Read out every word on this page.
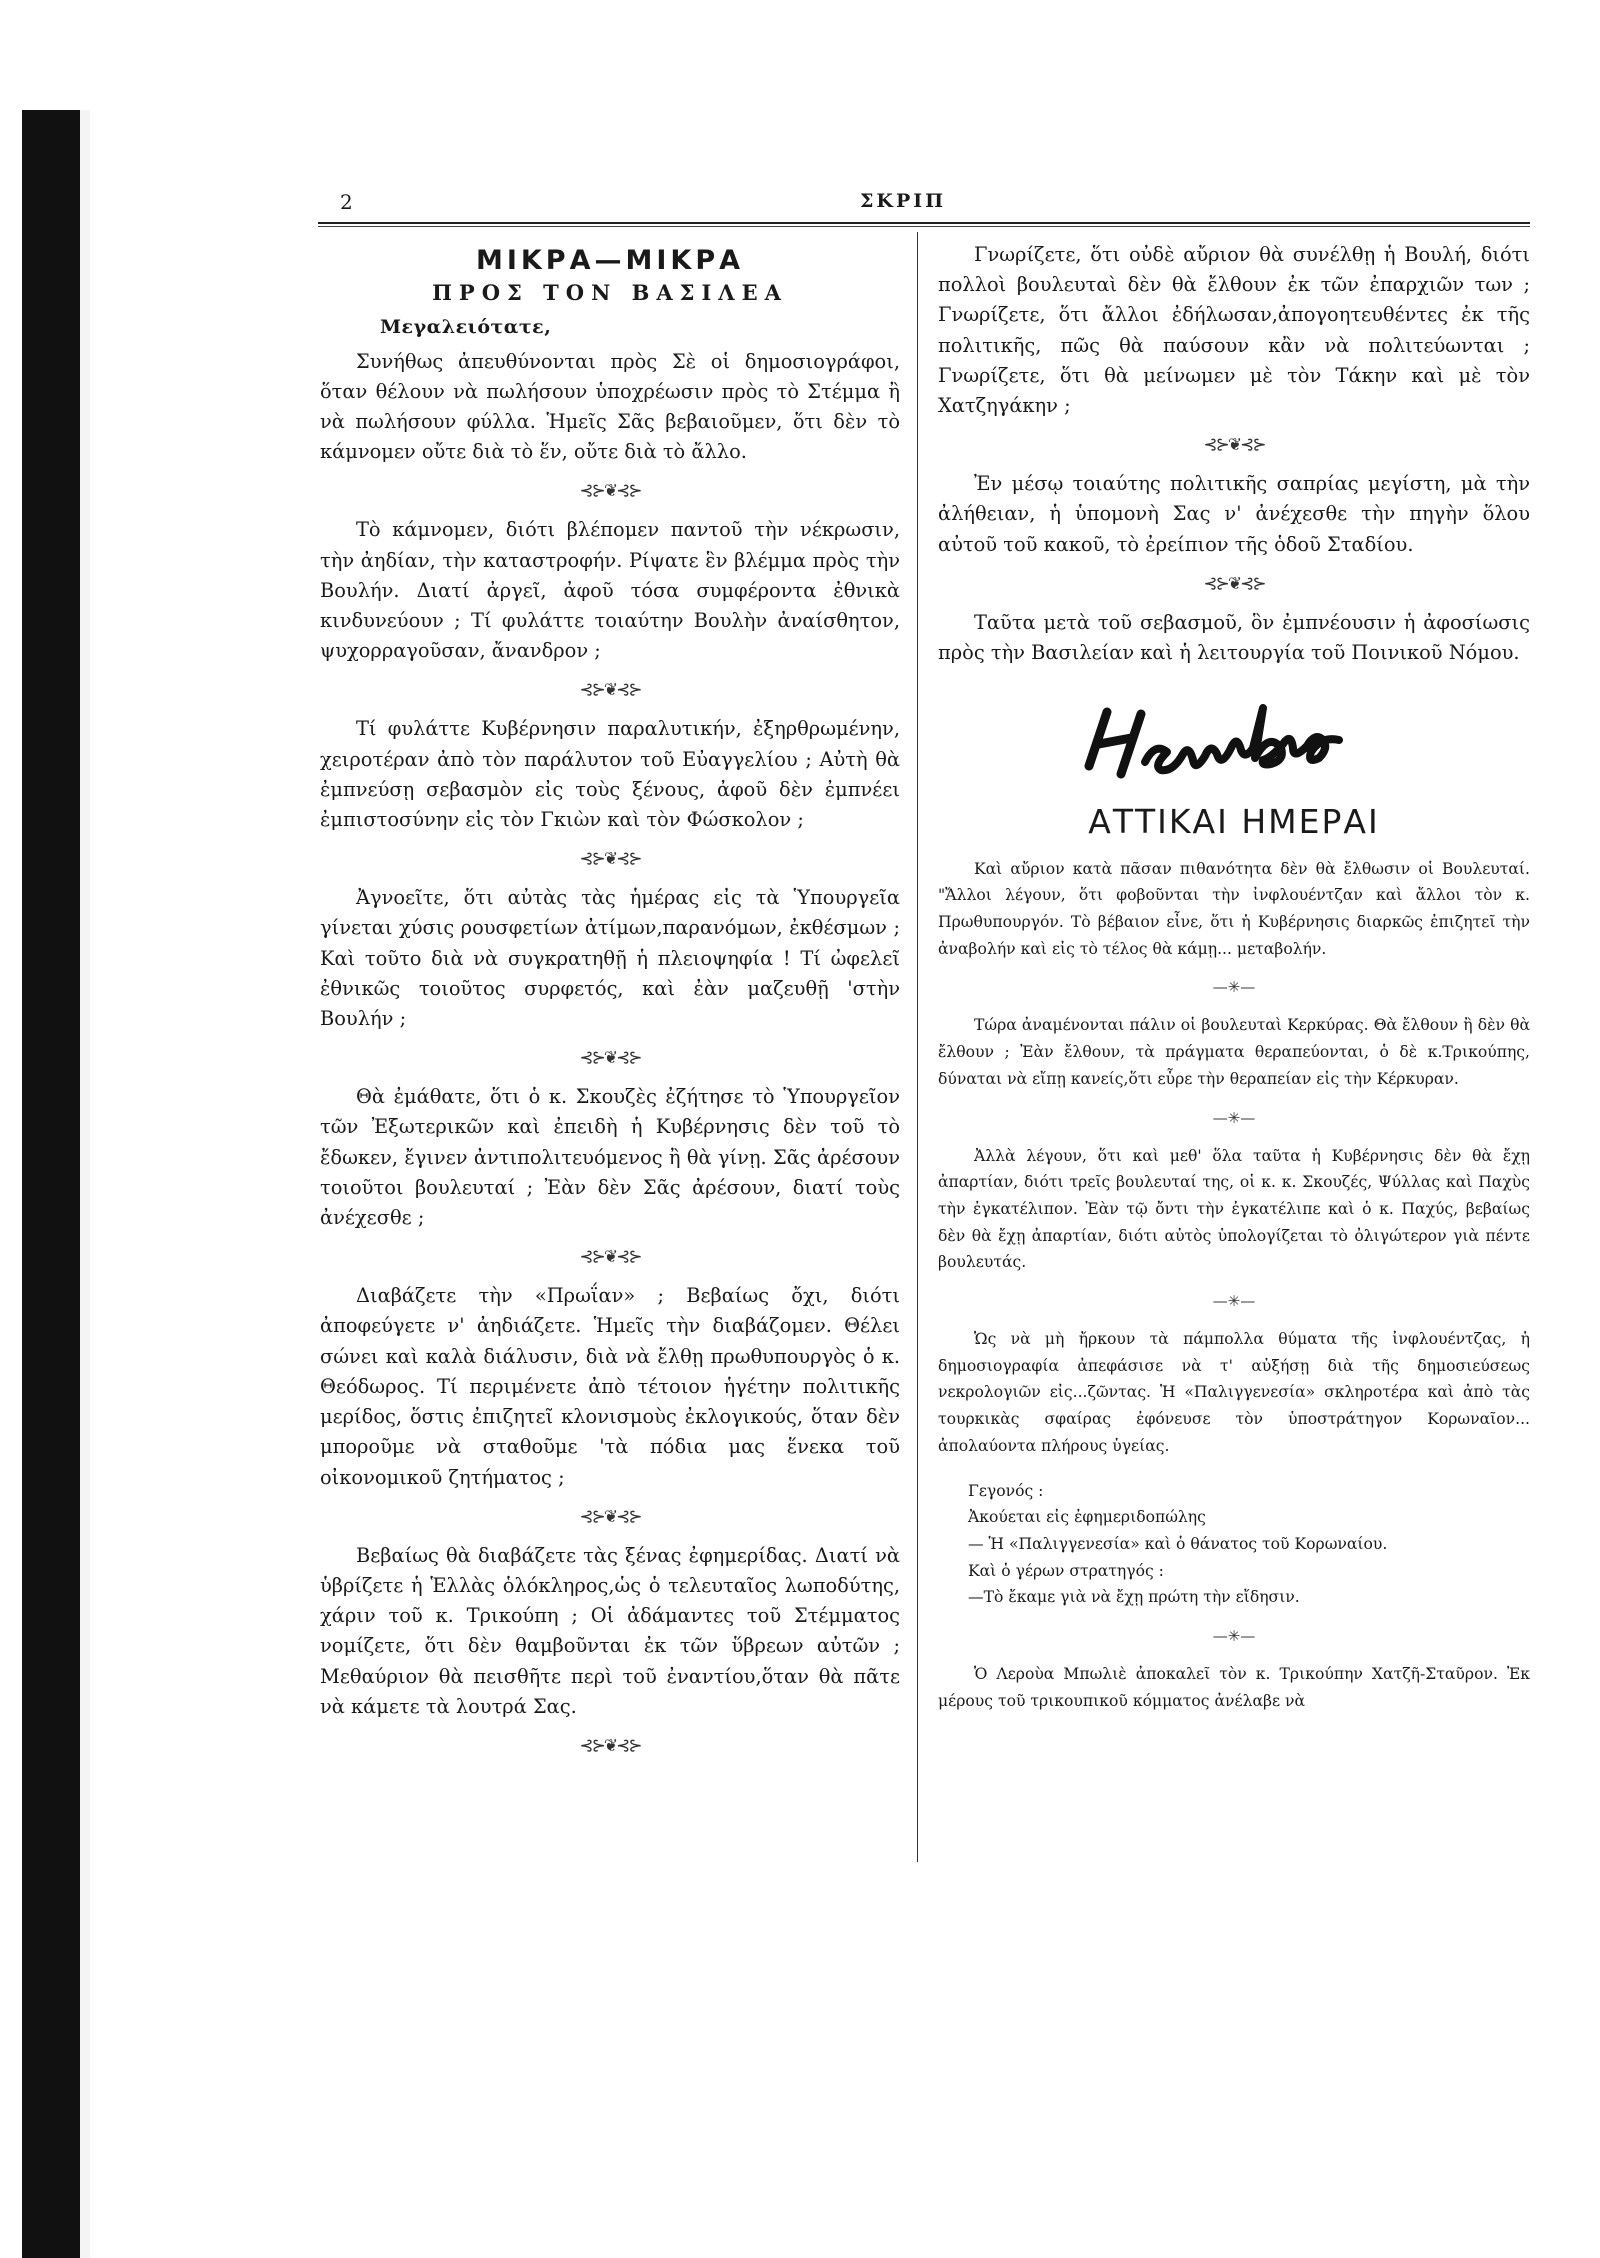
2	ΣΚΡΙΠ
ΜΙΚΡΑ—ΜΙΚΡΑ
ΠΡΟΣ ΤΟΝ ΒΑΣΙΛΕΑ
Μεγαλειότατε,

Συνήθως ἀπευθύνονται πρὸς Σὲ οἱ δημοσιογράφοι, ὅταν θέλουν νὰ πωλήσουν ὑποχρέωσιν πρὸς τὸ Στέμμα ἢ νὰ πωλήσουν φύλλα. Ἡμεῖς Σᾶς βεβαιοῦμεν, ὅτι δὲν τὸ κάμνομεν οὔτε διὰ τὸ ἕν, οὔτε διὰ τὸ ἄλλο.

⊰⊱❦⊰⊱

Τὸ κάμνομεν, διότι βλέπομεν παντοῦ τὴν νέκρωσιν, τὴν ἀηδίαν, τὴν καταστροφήν. Ρίψατε ἓν βλέμμα πρὸς τὴν Βουλήν. Διατί ἀργεῖ, ἀφοῦ τόσα συμφέροντα ἐθνικὰ κινδυνεύουν ; Τί φυλάττε τοιαύτην Βουλὴν ἀναίσθητον, ψυχορραγοῦσαν, ἄνανδρον ;

⊰⊱❦⊰⊱

Τί φυλάττε Κυβέρνησιν παραλυτικήν, ἐξηρθρωμένην, χειροτέραν ἀπὸ τὸν παράλυτον τοῦ Εὐαγγελίου ; Αὐτὴ θὰ ἐμπνεύσῃ σεβασμὸν εἰς τοὺς ξένους, ἀφοῦ δὲν ἐμπνέει ἐμπιστοσύνην εἰς τὸν Γκιὼν καὶ τὸν Φώσκολον ;

⊰⊱❦⊰⊱

Ἀγνοεῖτε, ὅτι αὐτὰς τὰς ἡμέρας εἰς τὰ Ὑπουργεῖα γίνεται χύσις ρουσφετίων ἀτίμων,παρανόμων, ἐκθέσμων ; Καὶ τοῦτο διὰ νὰ συγκρατηθῇ ἡ πλειοψηφία ! Τί ὠφελεῖ ἐθνικῶς τοιοῦτος συρφετός, καὶ ἐὰν μαζευθῇ 'στὴν Βουλήν ;

⊰⊱❦⊰⊱

Θὰ ἐμάθατε, ὅτι ὁ κ. Σκουζὲς ἐζήτησε τὸ Ὑπουργεῖον τῶν Ἐξωτερικῶν καὶ ἐπειδὴ ἡ Κυβέρνησις δὲν τοῦ τὸ ἔδωκεν, ἔγινεν ἀντιπολιτευόμενος ἢ θὰ γίνῃ. Σᾶς ἀρέσουν τοιοῦτοι βουλευταί ; Ἐὰν δὲν Σᾶς ἀρέσουν, διατί τοὺς ἀνέχεσθε ;

⊰⊱❦⊰⊱

Διαβάζετε τὴν «Πρωΐαν» ; Βεβαίως ὄχι, διότι ἀποφεύγετε ν' ἀηδιάζετε. Ἡμεῖς τὴν διαβάζομεν. Θέλει σώνει καὶ καλὰ διάλυσιν, διὰ νὰ ἔλθῃ πρωθυπουργὸς ὁ κ. Θεόδωρος. Τί περιμένετε ἀπὸ τέτοιον ἡγέτην πολιτικῆς μερίδος, ὅστις ἐπιζητεῖ κλονισμοὺς ἐκλογικούς, ὅταν δὲν μποροῦμε νὰ σταθοῦμε 'τὰ πόδια μας ἕνεκα τοῦ οἰκονομικοῦ ζητήματος ;

⊰⊱❦⊰⊱

Βεβαίως θὰ διαβάζετε τὰς ξένας ἐφημερίδας. Διατί νὰ ὑβρίζετε ἡ Ἑλλὰς ὁλόκληρος,ὡς ὁ τελευταῖος λωποδύτης, χάριν τοῦ κ. Τρικούπη ; Οἱ ἀδάμαντες τοῦ Στέμματος νομίζετε, ὅτι δὲν θαμβοῦνται ἐκ τῶν ὕβρεων αὐτῶν ; Μεθαύριον θὰ πεισθῆτε περὶ τοῦ ἐναντίου,ὅταν θὰ πᾶτε νὰ κάμετε τὰ λουτρά Σας.

⊰⊱❦⊰⊱

Γνωρίζετε, ὅτι οὐδὲ αὔριον θὰ συνέλθῃ ἡ Βουλή, διότι πολλοὶ βουλευταὶ δὲν θὰ ἔλθουν ἐκ τῶν ἐπαρχιῶν των ; Γνωρίζετε, ὅτι ἄλλοι ἐδήλωσαν,ἀπογοητευθέντες ἐκ τῆς πολιτικῆς, πῶς θὰ παύσουν κἂν νὰ πολιτεύωνται ; Γνωρίζετε, ὅτι θὰ μείνωμεν μὲ τὸν Τάκην καὶ μὲ τὸν Χατζηγάκην ;

⊰⊱❦⊰⊱

Ἐν μέσῳ τοιαύτης πολιτικῆς σαπρίας μεγίστη, μὰ τὴν ἀλήθειαν, ἡ ὑπομονὴ Σας ν' ἀνέχεσθε τὴν πηγὴν ὅλου αὐτοῦ τοῦ κακοῦ, τὸ ἐρείπιον τῆς ὁδοῦ Σταδίου.

⊰⊱❦⊰⊱

Ταῦτα μετὰ τοῦ σεβασμοῦ, ὃν ἐμπνέουσιν ἡ ἀφοσίωσις πρὸς τὴν Βασιλείαν καὶ ἡ λειτουργία τοῦ Ποινικοῦ Νόμου.

ΑΤΤΙΚΑΙ ΗΜΕΡΑΙ

Καὶ αὔριον κατὰ πᾶσαν πιθανότητα δὲν θὰ ἔλθωσιν οἱ Βουλευταί. "Ἄλλοι λέγουν, ὅτι φοβοῦνται τὴν ἰνφλουέντζαν καὶ ἄλλοι τὸν κ. Πρωθυπουργόν. Τὸ βέβαιον εἶνε, ὅτι ἡ Κυβέρνησις διαρκῶς ἐπιζητεῖ τὴν ἀναβολήν καὶ εἰς τὸ τέλος θὰ κάμῃ... μεταβολήν.

—✳—

Τώρα ἀναμένονται πάλιν οἱ βουλευταὶ Κερκύρας. Θὰ ἔλθουν ἢ δὲν θὰ ἔλθουν ; Ἐὰν ἔλθουν, τὰ πράγματα θεραπεύονται, ὁ δὲ κ.Τρικούπης, δύναται νὰ εἴπῃ κανείς,ὅτι εὗρε τὴν θεραπείαν εἰς τὴν Κέρκυραν.

—✳—

Ἀλλὰ λέγουν, ὅτι καὶ μεθ' ὅλα ταῦτα ἡ Κυβέρνησις δὲν θὰ ἔχῃ ἀπαρτίαν, διότι τρεῖς βουλευταί της, οἱ κ. κ. Σκουζές, Ψύλλας καὶ Παχὺς τὴν ἐγκατέλιπον. Ἐὰν τῷ ὄντι τὴν ἐγκατέλιπε καὶ ὁ κ. Παχύς, βεβαίως δὲν θὰ ἔχῃ ἀπαρτίαν, διότι αὐτὸς ὑπολογίζεται τὸ ὀλιγώτερον γιὰ πέντε βουλευτάς.

—✳—

Ὡς νὰ μὴ ἤρκουν τὰ πάμπολλα θύματα τῆς ἰνφλουέντζας, ἡ δημοσιογραφία ἀπεφάσισε νὰ τ' αὐξήσῃ διὰ τῆς δημοσιεύσεως νεκρολογιῶν εἰς...ζῶντας. Ἡ «Παλιγγενεσία» σκληροτέρα καὶ ἀπὸ τὰς τουρκικὰς σφαίρας ἐφόνευσε τὸν ὑποστράτηγον Κορωναῖον... ἀπολαύοντα πλήρους ὑγείας.

Γεγονός :

Ἀκούεται εἰς ἐφημεριδοπώλης

— Ἡ «Παλιγγενεσία» καὶ ὁ θάνατος τοῦ Κορωναίου.

Καὶ ὁ γέρων στρατηγός :

—Τὸ ἔκαμε γιὰ νὰ ἔχῃ πρώτη τὴν εἴδησιν.

—✳—

Ὁ Λεροὺα Μπωλιὲ ἀποκαλεῖ τὸν κ. Τρικούπην Χατζῆ-Σταῦρον. Ἐκ μέρους τοῦ τρικουπικοῦ κόμματος ἀνέλαβε νὰ
